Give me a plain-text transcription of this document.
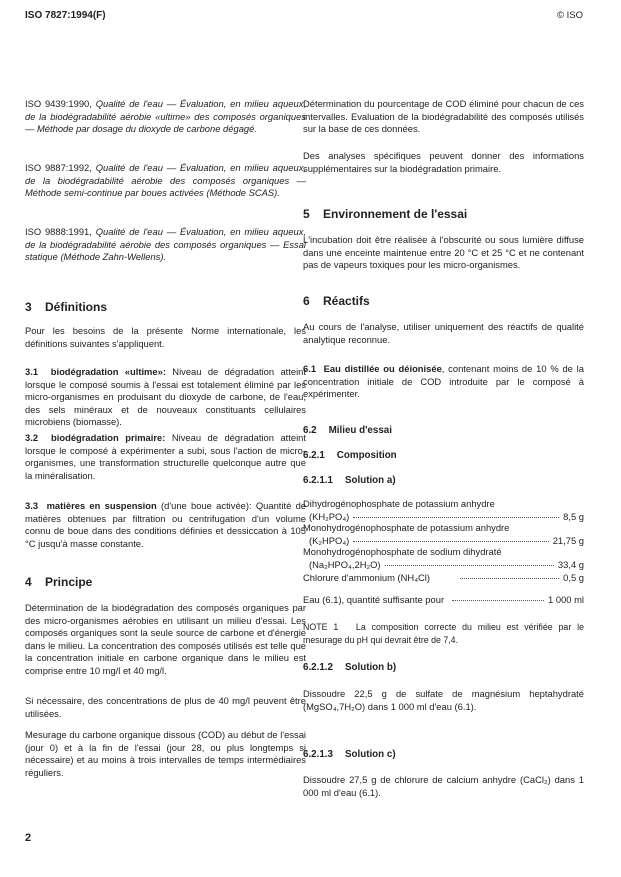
ISO 7827:1994(F)	© ISO

ISO 9439:1990, Qualité de l'eau — Évaluation, en milieu aqueux, de la biodégradabilité aérobie «ultime» des composés organiques — Méthode par dosage du dioxyde de carbone dégagé.

ISO 9887:1992, Qualité de l'eau — Évaluation, en milieu aqueux, de la biodégradabilité aérobie des composés organiques — Méthode semi-continue par boues activées (Méthode SCAS).

ISO 9888:1991, Qualité de l'eau — Évaluation, en milieu aqueux, de la biodégradabilité aérobie des composés organiques — Essai statique (Méthode Zahn-Wellens).

3 Définitions

Pour les besoins de la présente Norme internationale, les définitions suivantes s'appliquent.

3.1 biodégradation «ultime»: Niveau de dégradation atteint lorsque le composé soumis à l'essai est totalement éliminé par les micro-organismes en produisant du dioxyde de carbone, de l'eau, des sels minéraux et de nouveaux constituants cellulaires microbiens (biomasse).

3.2 biodégradation primaire: Niveau de dégradation atteint lorsque le composé à expérimenter a subi, sous l'action de micro-organismes, une transformation structurelle quelconque autre que la minéralisation.

3.3 matières en suspension (d'une boue activée): Quantité de matières obtenues par filtration ou centrifugation d'un volume connu de boue dans des conditions définies et dessiccation à 105 °C jusqu'à masse constante.

4 Principe

Détermination de la biodégradation des composés organiques par des micro-organismes aérobies en utilisant un milieu d'essai. Les composés organiques sont la seule source de carbone et d'énergie dans le milieu. La concentration des composés utilisés est telle que la concentration initiale en carbone organique dans le milieu est comprise entre 10 mg/l et 40 mg/l.

Si nécessaire, des concentrations de plus de 40 mg/l peuvent être utilisées.

Mesurage du carbone organique dissous (COD) au début de l'essai (jour 0) et à la fin de l'essai (jour 28, ou plus longtemps si nécessaire) et au moins à trois intervalles de temps intermédiaires réguliers.

2

Détermination du pourcentage de COD éliminé pour chacun de ces intervalles. Evaluation de la biodégradabilité des composés utilisés sur la base de ces données.

Des analyses spécifiques peuvent donner des informations supplémentaires sur la biodégradation primaire.

5 Environnement de l'essai

L'incubation doit être réalisée à l'obscurité ou sous lumière diffuse dans une enceinte maintenue entre 20 °C et 25 °C et ne contenant pas de vapeurs toxiques pour les micro-organismes.

6 Réactifs

Au cours de l'analyse, utiliser uniquement des réactifs de qualité analytique reconnue.

6.1 Eau distillée ou déionisée, contenant moins de 10 % de la concentration initiale de COD introduite par le composé à expérimenter.

6.2 Milieu d'essai
6.2.1 Composition
6.2.1.1 Solution a)
Dihydrogénophosphate de potassium anhydre
(KH₂PO₄)	8,5 g
Monohydrogénophosphate de potassium anhydre
(K₂HPO₄)	21,75 g
Monohydrogénophosphate de sodium dihydraté
(Na₂HPO₄,2H₂O)	33,4 g
Chlorure d'ammonium (NH₄Cl)	0,5 g
Eau (6.1), quantité suffisante pour	1 000 ml

NOTE 1 La composition correcte du milieu est vérifiée par le mesurage du pH qui devrait être de 7,4.

6.2.1.2 Solution b)

Dissoudre 22,5 g de sulfate de magnésium heptahydraté (MgSO₄,7H₂O) dans 1 000 ml d'eau (6.1).

6.2.1.3 Solution c)

Dissoudre 27,5 g de chlorure de calcium anhydre (CaCl₂) dans 1 000 ml d'eau (6.1).
